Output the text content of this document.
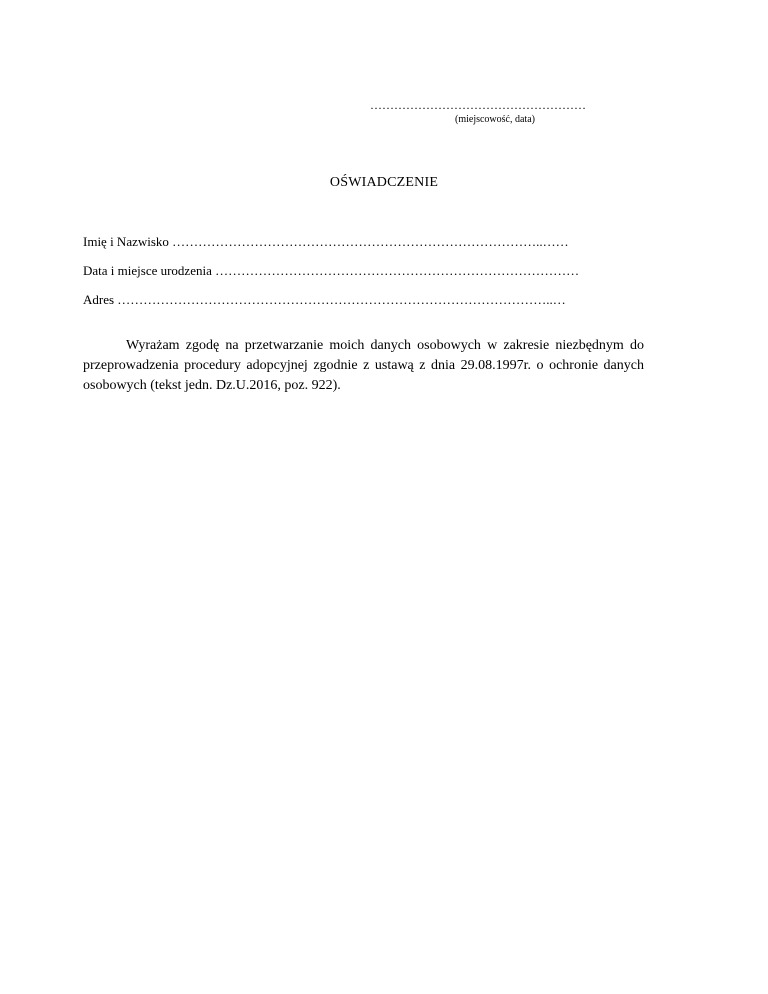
………………………………………………
(miejscowość, data)
OŚWIADCZENIE
Imię i Nazwisko …………………………………………………………………………..……
Data i miejsce urodzenia …………………………………………………………………………
Adres ………………………………………………………………………………………..…

Wyrażam zgodę na przetwarzanie moich danych osobowych w zakresie niezbędnym do przeprowadzenia procedury adopcyjnej zgodnie z ustawą z dnia 29.08.1997r. o ochronie danych osobowych (tekst jedn. Dz.U.2016, poz. 922).
